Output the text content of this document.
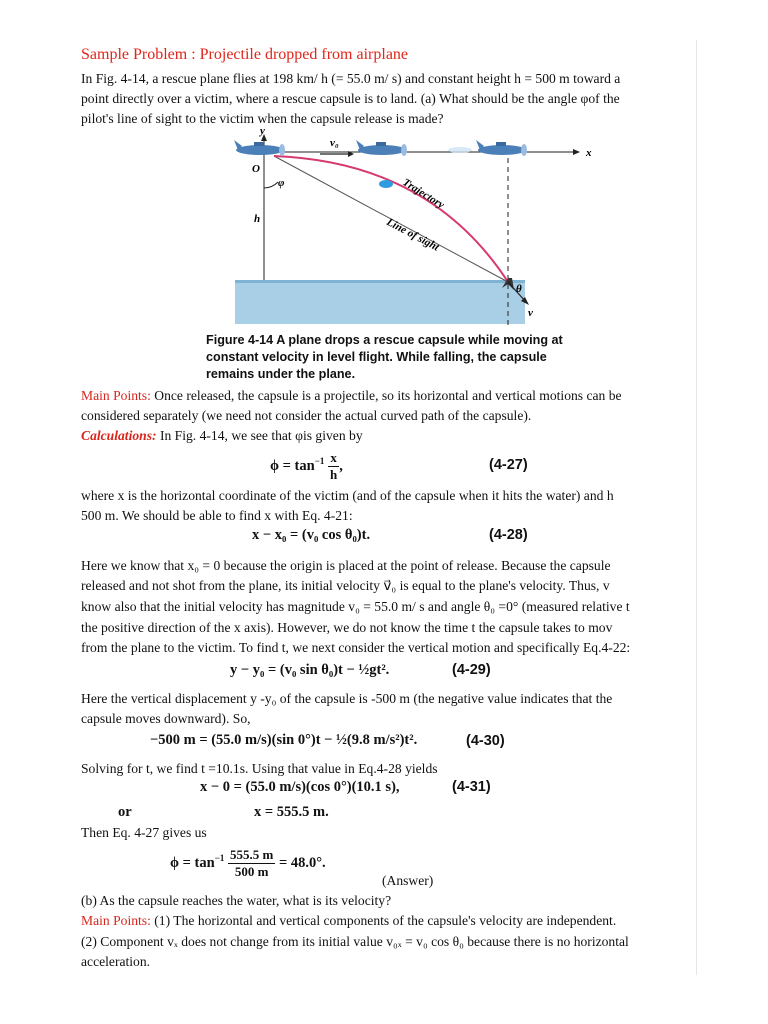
Sample Problem : Projectile dropped from airplane
In Fig. 4-14, a rescue plane flies at 198 km/ h (= 55.0 m/ s) and constant height h = 500 m toward a
point directly over a victim, where a rescue capsule is to land. (a) What should be the angle φof the
pilot's line of sight to the victim when the capsule release is made?
y
x
O
φ
h
v₀
Trajectory
Line of sight
θ
v
Figure 4-14 A plane drops a rescue capsule while moving at
constant velocity in level flight. While falling, the capsule
remains under the plane.
Main Points: Once released, the capsule is a projectile, so its horizontal and vertical motions can be
considered separately (we need not consider the actual curved path of the capsule).
Calculations: In Fig. 4-14, we see that φis given by
$\phi = \tan^{-1} \frac{x}{h}$ ,	(4-27)
where x is the horizontal coordinate of the victim (and of the capsule when it hits the water) and h
500 m. We should be able to find x with Eq. 4-21:
x − x₀ = (v₀ cos θ₀)t.	(4-28)
Here we know that x₀ = 0 because the origin is placed at the point of release. Because the capsule
released and not shot from the plane, its initial velocity v⃗₀ is equal to the plane's velocity. Thus, v
know also that the initial velocity has magnitude v₀ = 55.0 m/ s and angle θ₀ =0° (measured relative t
the positive direction of the x axis). However, we do not know the time t the capsule takes to mov
from the plane to the victim. To find t, we next consider the vertical motion and specifically Eq.4-22:
y − y₀ = (v₀ sin θ₀)t − ½gt².	(4-29)
Here the vertical displacement y -y₀ of the capsule is -500 m (the negative value indicates that the
capsule moves downward). So,
−500 m = (55.0 m/s)(sin 0°)t − ½(9.8 m/s²)t².	(4-30)
Solving for t, we find t =10.1s. Using that value in Eq.4-28 yields
x − 0 = (55.0 m/s)(cos 0°)(10.1 s),	(4-31)
or	x = 555.5 m.
Then Eq. 4-27 gives us
$\phi = \tan^{-1} \frac{555.5 m}{500 m} = 48.0^\circ$.
(Answer)
(b) As the capsule reaches the water, what is its velocity?
Main Points: (1) The horizontal and vertical components of the capsule's velocity are independent.
(2) Component vₓ does not change from its initial value v₀ₓ = v₀ cos θ₀ because there is no horizontal
acceleration.
